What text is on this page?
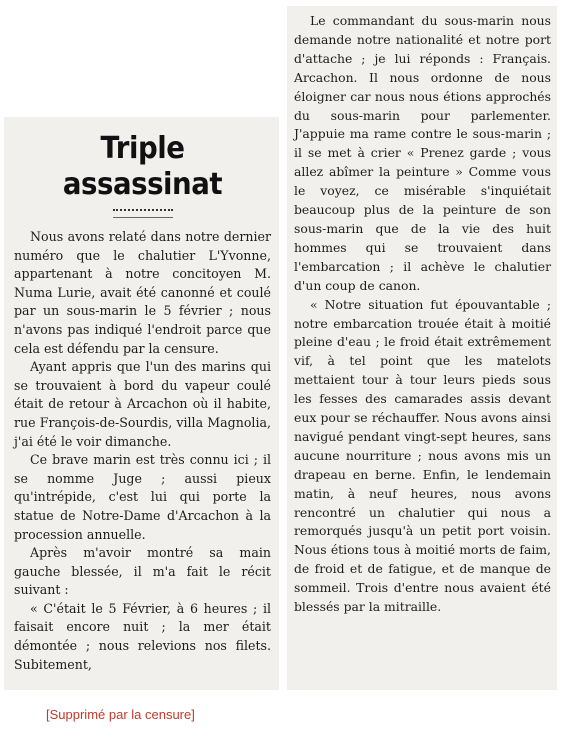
Triple assassinat

Nous avons relaté dans notre dernier numéro que le chalutier L'Yvonne, appartenant à notre concitoyen M. Numa Lurie, avait été canonné et coulé par un sous-marin le 5 février ; nous n'avons pas indiqué l'endroit parce que cela est défendu par la censure.

Ayant appris que l'un des marins qui se trouvaient à bord du vapeur coulé était de retour à Arcachon où il habite, rue François-de-Sourdis, villa Magnolia, j'ai été le voir dimanche.

Ce brave marin est très connu ici ; il se nomme Juge ; aussi pieux qu'intrépide, c'est lui qui porte la statue de Notre-Dame d'Arcachon à la procession annuelle.

Après m'avoir montré sa main gauche blessée, il m'a fait le récit suivant :

« C'était le 5 Février, à 6 heures ; il faisait encore nuit ; la mer était démontée ; nous relevions nos filets. Subitement,

Le commandant du sous-marin nous demande notre nationalité et notre port d'attache ; je lui réponds : Français. Arcachon. Il nous ordonne de nous éloigner car nous nous étions approchés du sous-marin pour parlementer. J'appuie ma rame contre le sous-marin ; il se met à crier « Prenez garde ; vous allez abîmer la peinture » Comme vous le voyez, ce misérable s'inquiétait beaucoup plus de la peinture de son sous-marin que de la vie des huit hommes qui se trouvaient dans l'embarcation ; il achève le chalutier d'un coup de canon.

« Notre situation fut épouvantable ; notre embarcation trouée était à moitié pleine d'eau ; le froid était extrêmement vif, à tel point que les matelots mettaient tour à tour leurs pieds sous les fesses des camarades assis devant eux pour se réchauffer. Nous avons ainsi navigué pendant vingt-sept heures, sans aucune nourriture ; nous avons mis un drapeau en berne. Enfin, le lendemain matin, à neuf heures, nous avons rencontré un chalutier qui nous a remorqués jusqu'à un petit port voisin. Nous étions tous à moitié morts de faim, de froid et de fatigue, et de manque de sommeil. Trois d'entre nous avaient été blessés par la mitraille.

[Supprimé par la censure]
